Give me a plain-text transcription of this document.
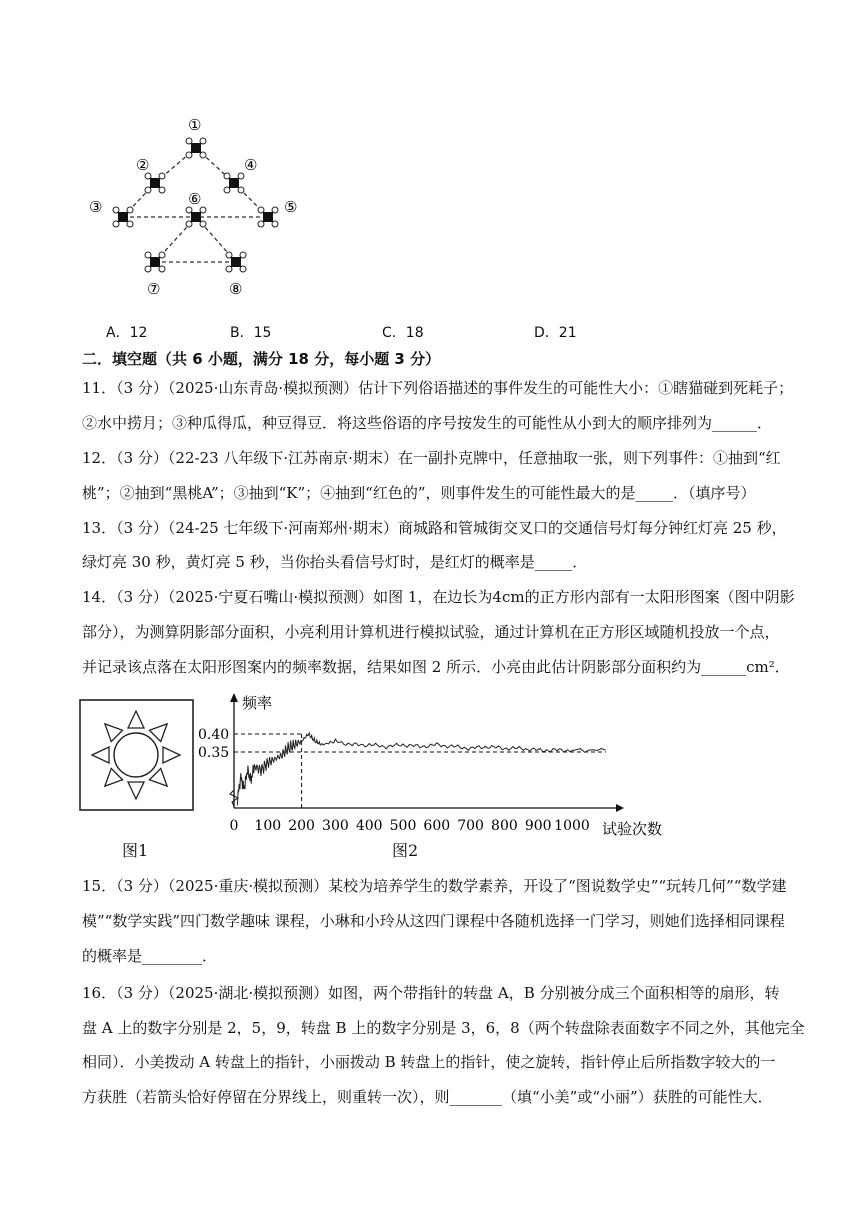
①
②
③
④
⑤
⑥
⑦	⑧
A．12	B．15	C．18	D．21
二．填空题（共 6 小题，满分 18 分，每小题 3 分）
11．（3 分）（2025·山东青岛·模拟预测）估计下列俗语描述的事件发生的可能性大小：①瞎猫碰到死耗子；
②水中捞月；③种瓜得瓜，种豆得豆．将这些俗语的序号按发生的可能性从小到大的顺序排列为______．
12．（3 分）（22-23 八年级下·江苏南京·期末）在一副扑克牌中，任意抽取一张，则下列事件：①抽到“红
桃”；②抽到“黑桃A”；③抽到“K”；④抽到“红色的”，则事件发生的可能性最大的是_____．（填序号）
13．（3 分）（24-25 七年级下·河南郑州·期末）商城路和管城街交叉口的交通信号灯每分钟红灯亮 25 秒，
绿灯亮 30 秒，黄灯亮 5 秒，当你抬头看信号灯时，是红灯的概率是_____．
14．（3 分）（2025·宁夏石嘴山·模拟预测）如图 1，在边长为4cm的正方形内部有一太阳形图案（图中阴影
部分），为测算阴影部分面积，小亮利用计算机进行模拟试验，通过计算机在正方形区域随机投放一个点，
并记录该点落在太阳形图案内的频率数据，结果如图 2 所示．小亮由此估计阴影部分面积约为______cm²．
图1
0.35
0.40
0 100 200 300 400 500 600 700 800 900 1000
频率
试验次数
图2
15．（3 分）（2025·重庆·模拟预测）某校为培养学生的数学素养，开设了“图说数学史”“玩转几何”“数学建
模”“数学实践”四门数学趣味 课程，小琳和小玲从这四门课程中各随机选择一门学习，则她们选择相同课程
的概率是________．
16．（3 分）（2025·湖北·模拟预测）如图，两个带指针的转盘 A，B 分别被分成三个面积相等的扇形，转
盘 A 上的数字分别是 2，5，9，转盘 B 上的数字分别是 3，6，8（两个转盘除表面数字不同之外，其他完全
相同）．小美拨动 A 转盘上的指针，小丽拨动 B 转盘上的指针，使之旋转，指针停止后所指数字较大的一
方获胜（若箭头恰好停留在分界线上，则重转一次），则_______（填“小美”或“小丽”）获胜的可能性大．
